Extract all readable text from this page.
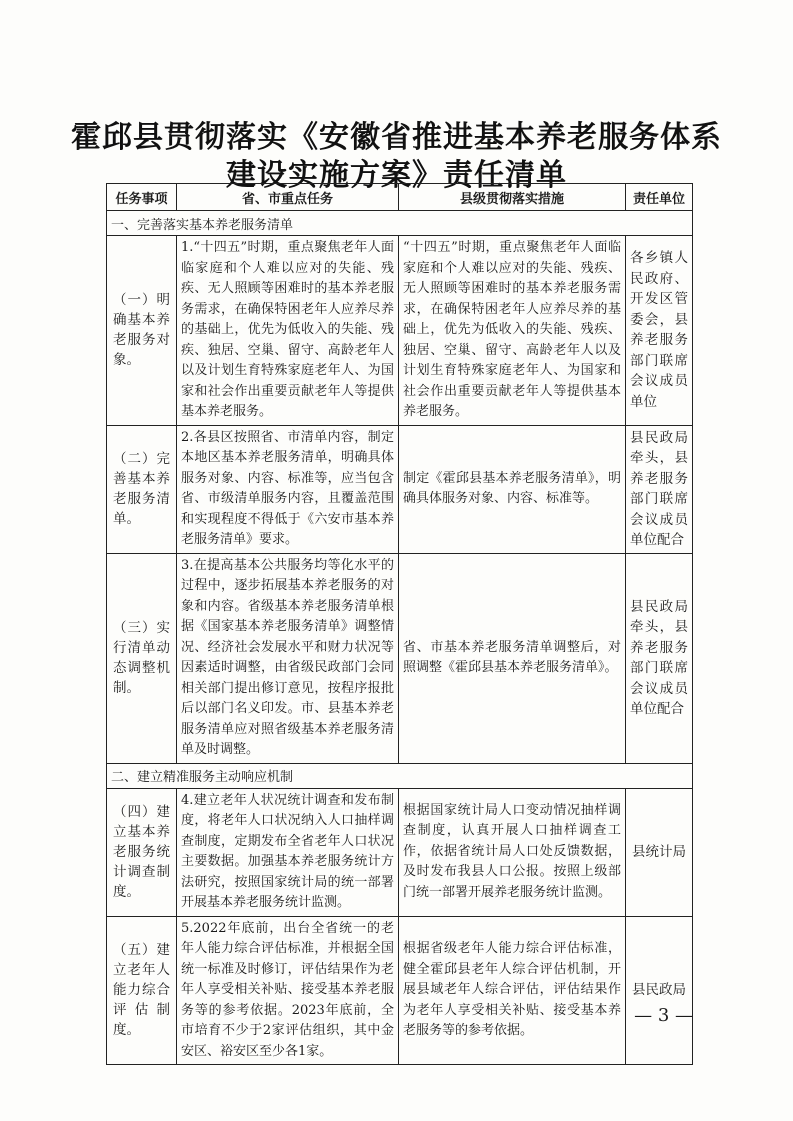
霍邱县贯彻落实《安徽省推进基本养老服务体系
建设实施方案》责任清单
任务事项	省、市重点任务	县级贯彻落实措施	责任单位
一、完善落实基本养老服务清单			
（一）明确基本养老服务对象。	1.“十四五”时期，重点聚焦老年人面临家庭和个人难以应对的失能、残疾、无人照顾等困难时的基本养老服务需求，在确保特困老年人应养尽养的基础上，优先为低收入的失能、残疾、独居、空巢、留守、高龄老年人以及计划生育特殊家庭老年人、为国家和社会作出重要贡献老年人等提供基本养老服务。	“十四五”时期，重点聚焦老年人面临家庭和个人难以应对的失能、残疾、无人照顾等困难时的基本养老服务需求，在确保特困老年人应养尽养的基础上，优先为低收入的失能、残疾、独居、空巢、留守、高龄老年人以及计划生育特殊家庭老年人、为国家和社会作出重要贡献老年人等提供基本养老服务。	各乡镇人民政府、开发区管委会，县养老服务部门联席会议成员单位
（二）完善基本养老服务清单。	2.各县区按照省、市清单内容，制定本地区基本养老服务清单，明确具体服务对象、内容、标准等，应当包含省、市级清单服务内容，且覆盖范围和实现程度不得低于《六安市基本养老服务清单》要求。	制定《霍邱县基本养老服务清单》，明确具体服务对象、内容、标准等。	县民政局牵头，县养老服务部门联席会议成员单位配合
（三）实行清单动态调整机制。	3.在提高基本公共服务均等化水平的过程中，逐步拓展基本养老服务的对象和内容。省级基本养老服务清单根据《国家基本养老服务清单》调整情况、经济社会发展水平和财力状况等因素适时调整，由省级民政部门会同相关部门提出修订意见，按程序报批后以部门名义印发。市、县基本养老服务清单应对照省级基本养老服务清单及时调整。	省、市基本养老服务清单调整后，对照调整《霍邱县基本养老服务清单》。	县民政局牵头，县养老服务部门联席会议成员单位配合
二、建立精准服务主动响应机制			
（四）建立基本养老服务统计调查制度。	4.建立老年人状况统计调查和发布制度，将老年人口状况纳入人口抽样调查制度，定期发布全省老年人口状况主要数据。加强基本养老服务统计方法研究，按照国家统计局的统一部署开展基本养老服务统计监测。	根据国家统计局人口变动情况抽样调查制度，认真开展人口抽样调查工作，依据省统计局人口处反馈数据，及时发布我县人口公报。按照上级部门统一部署开展养老服务统计监测。	县统计局
（五）建立老年人能力综合评估制度。	5.2022年底前，出台全省统一的老年人能力综合评估标准，并根据全国统一标准及时修订，评估结果作为老年人享受相关补贴、接受基本养老服务等的参考依据。2023年底前，全市培育不少于2家评估组织，其中金安区、裕安区至少各1家。	根据省级老年人能力综合评估标准，健全霍邱县老年人综合评估机制，开展县域老年人综合评估，评估结果作为老年人享受相关补贴、接受基本养老服务等的参考依据。	县民政局
— 3 —
